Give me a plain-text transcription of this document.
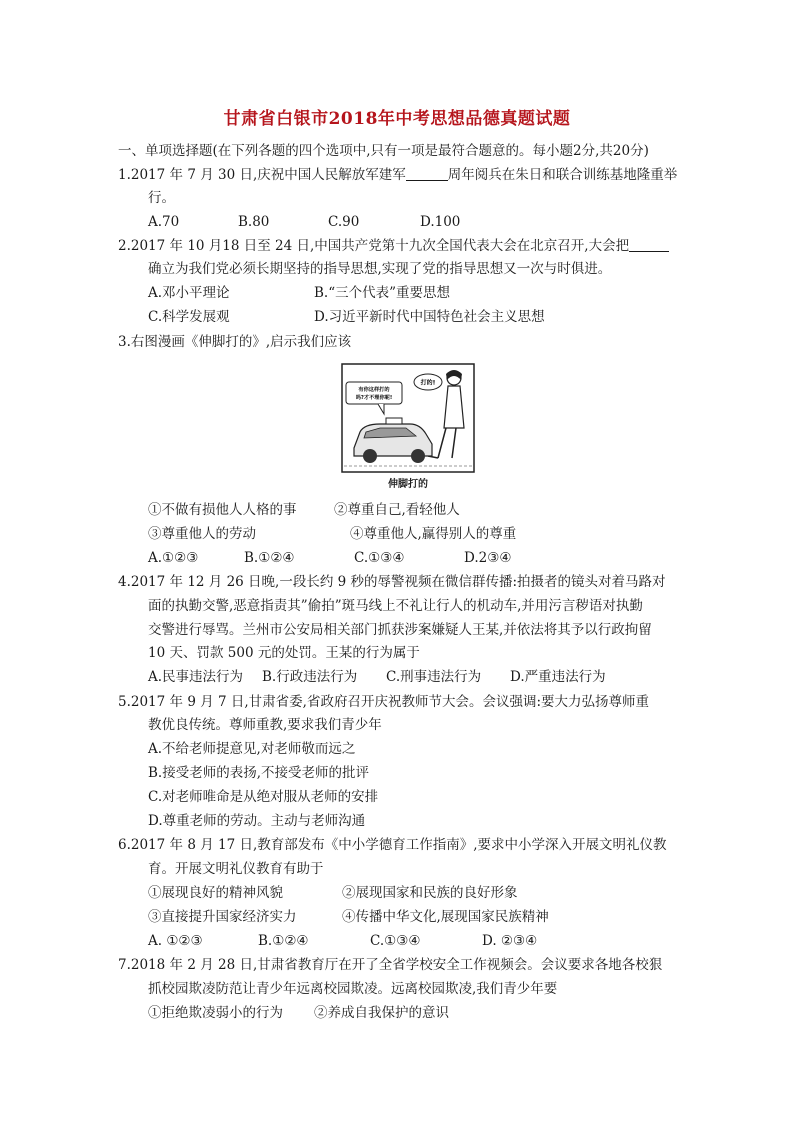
甘肃省白银市2018年中考思想品德真题试题
一、单项选择题(在下列各题的四个选项中,只有一项是最符合题意的。每小题2分,共20分)
1.2017 年 7 月 30 日,庆祝中国人民解放军建军	周年阅兵在朱日和联合训练基地隆重举
行。
A.70	B.80	C.90	D.100
2.2017 年 10 月18 日至 24 日,中国共产党第十九次全国代表大会在北京召开,大会把
确立为我们党必须长期坚持的指导思想,实现了党的指导思想又一次与时俱进。
A.邓小平理论	B.“三个代表”重要思想
C.科学发展观	D.习近平新时代中国特色社会主义思想
3.右图漫画《伸脚打的》,启示我们应该
有你这样打的
吗?才不理你呢!
打的!
伸脚打的
①不做有损他人人格的事	②尊重自己,看轻他人
③尊重他人的劳动	④尊重他人,赢得别人的尊重
A.①②③	B.①②④	C.①③④	D.2③④
4.2017 年 12 月 26 日晚,一段长约 9 秒的辱警视频在微信群传播:拍摄者的镜头对着马路对
面的执勤交警,恶意指责其”偷拍”斑马线上不礼让行人的机动车,并用污言秽语对执勤
交警进行辱骂。兰州市公安局相关部门抓获涉案嫌疑人王某,并依法将其予以行政拘留
10 天、罚款 500 元的处罚。王某的行为属于
A.民事违法行为 B.行政违法行为 C.刑事违法行为 D.严重违法行为
5.2017 年 9 月 7 日,甘肃省委,省政府召开庆祝教师节大会。会议强调:要大力弘扬尊师重
教优良传统。尊师重教,要求我们青少年
A.不给老师提意见,对老师敬而远之
B.接受老师的表扬,不接受老师的批评
C.对老师唯命是从绝对服从老师的安排
D.尊重老师的劳动。主动与老师沟通
6.2017 年 8 月 17 日,教育部发布《中小学德育工作指南》,要求中小学深入开展文明礼仪教
育。开展文明礼仪教育有助于
①展现良好的精神风貌	②展现国家和民族的良好形象
③直接提升国家经济实力	④传播中华文化,展现国家民族精神
A. ①②③	B.①②④	C.①③④	D. ②③④
7.2018 年 2 月 28 日,甘肃省教育厅在开了全省学校安全工作视频会。会议要求各地各校狠
抓校园欺凌防范让青少年远离校园欺凌。远离校园欺凌,我们青少年要
①拒绝欺凌弱小的行为 ②养成自我保护的意识
